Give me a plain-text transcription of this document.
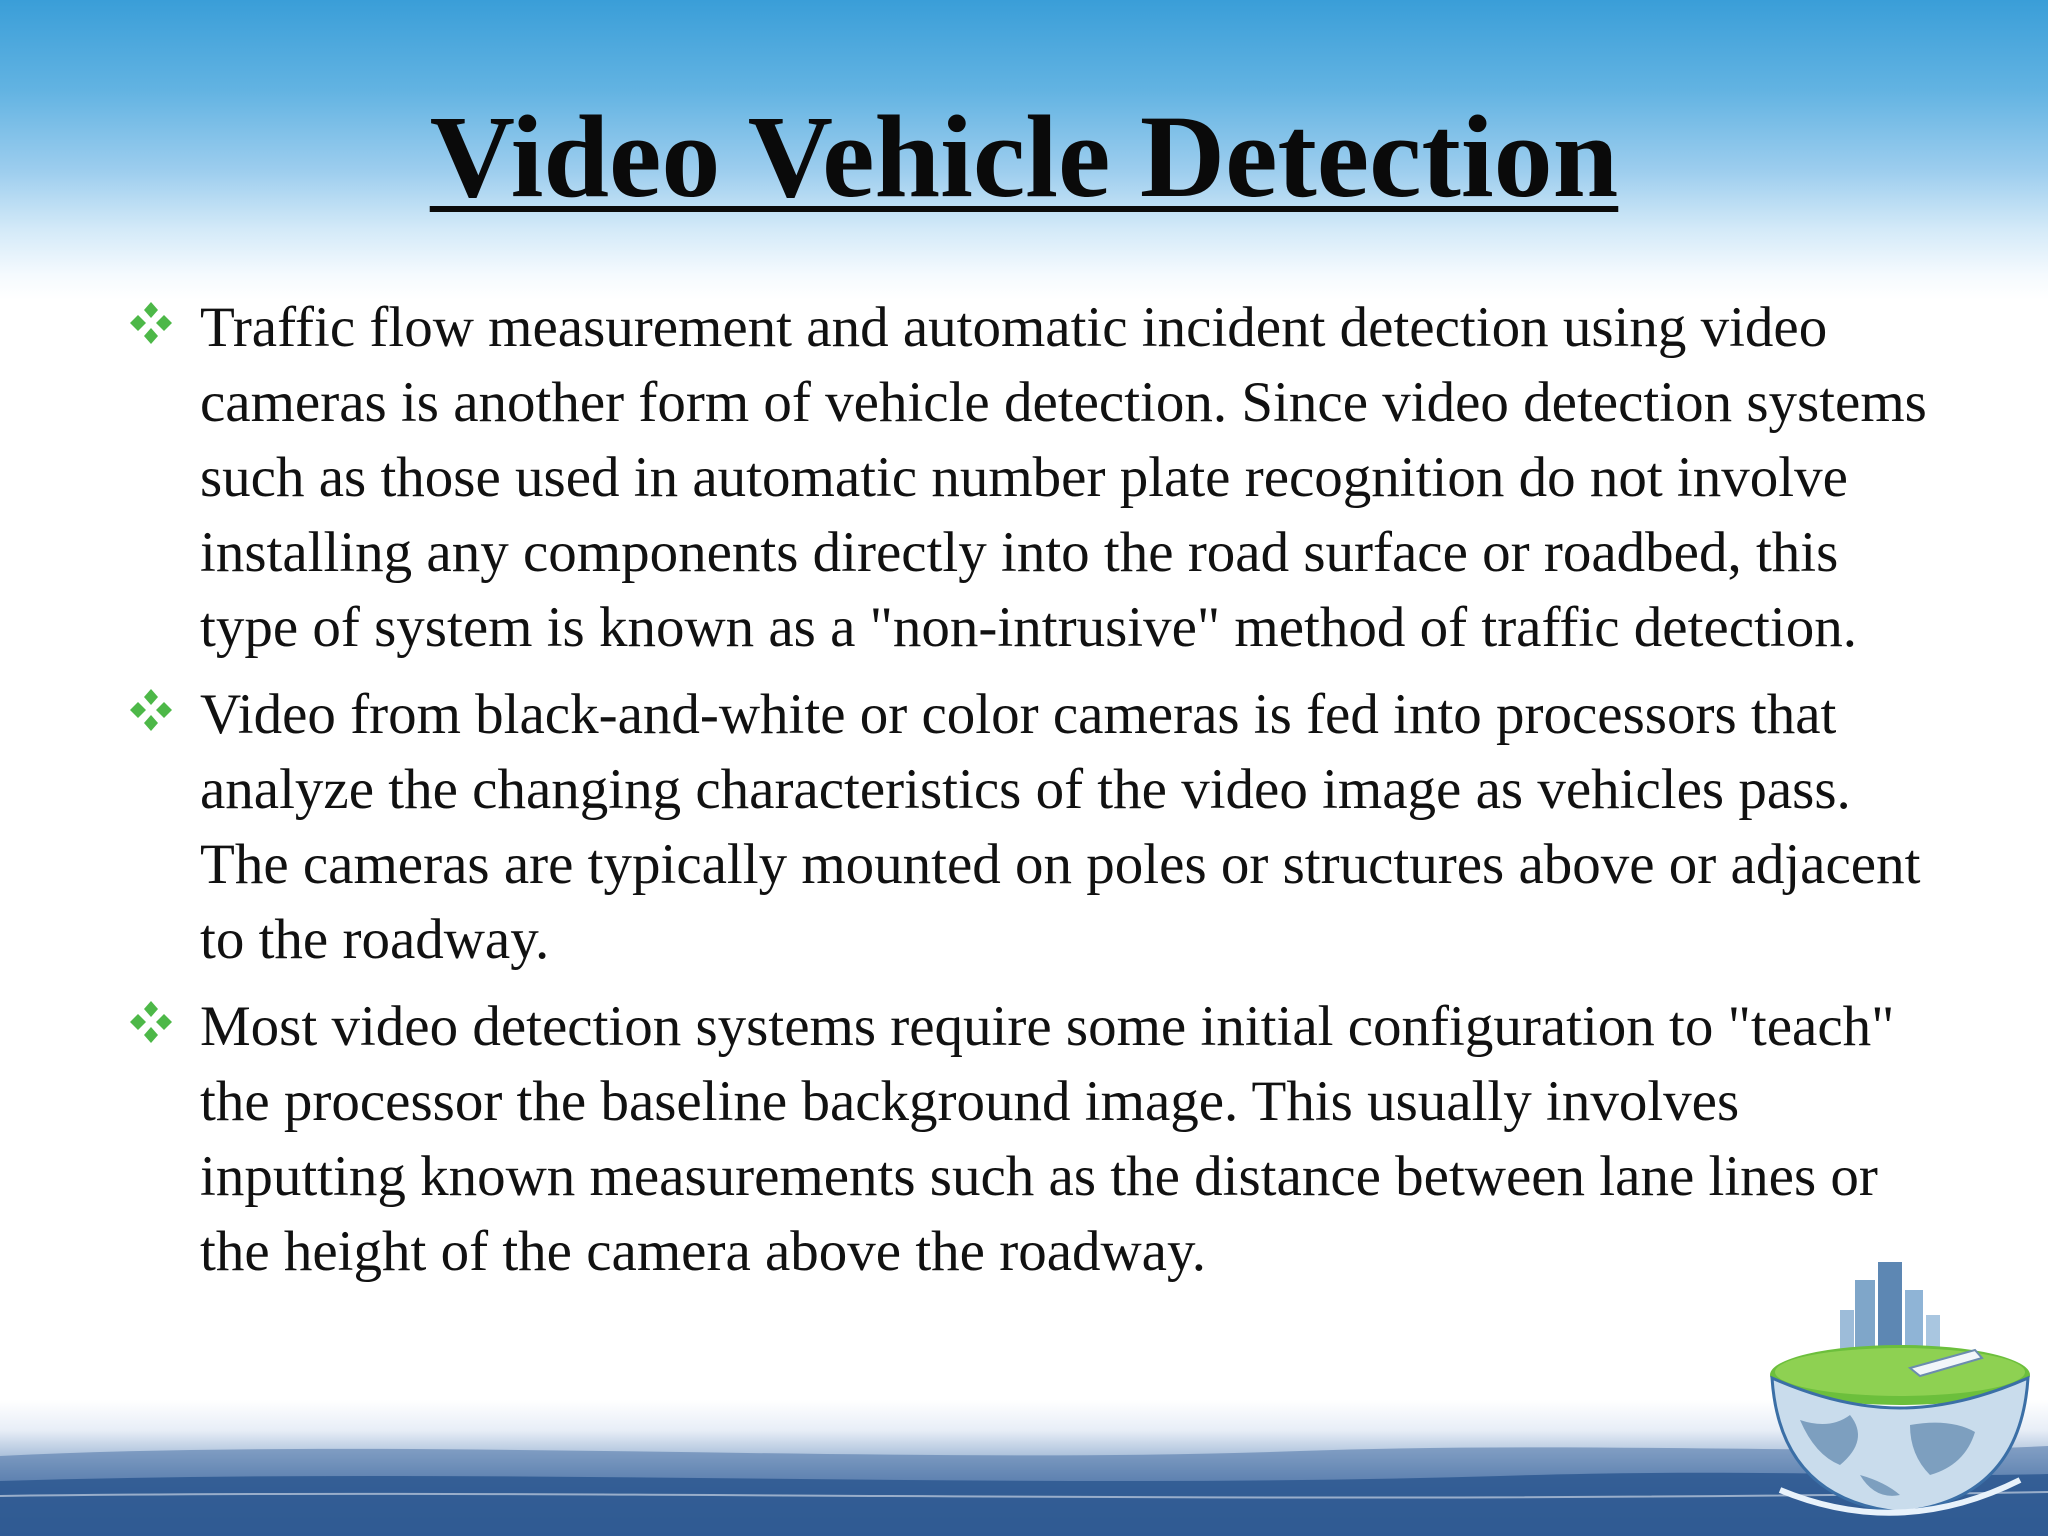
Video Vehicle Detection
Traffic flow measurement and automatic incident detection using video cameras is another form of vehicle detection. Since video detection systems such as those used in automatic number plate recognition do not involve installing any components directly into the road surface or roadbed, this type of system is known as a "non-intrusive" method of traffic detection.
Video from black-and-white or color cameras is fed into processors that analyze the changing characteristics of the video image as vehicles pass. The cameras are typically mounted on poles or structures above or adjacent to the roadway.
Most video detection systems require some initial configuration to "teach" the processor the baseline background image. This usually involves inputting known measurements such as the distance between lane lines or the height of the camera above the roadway.
